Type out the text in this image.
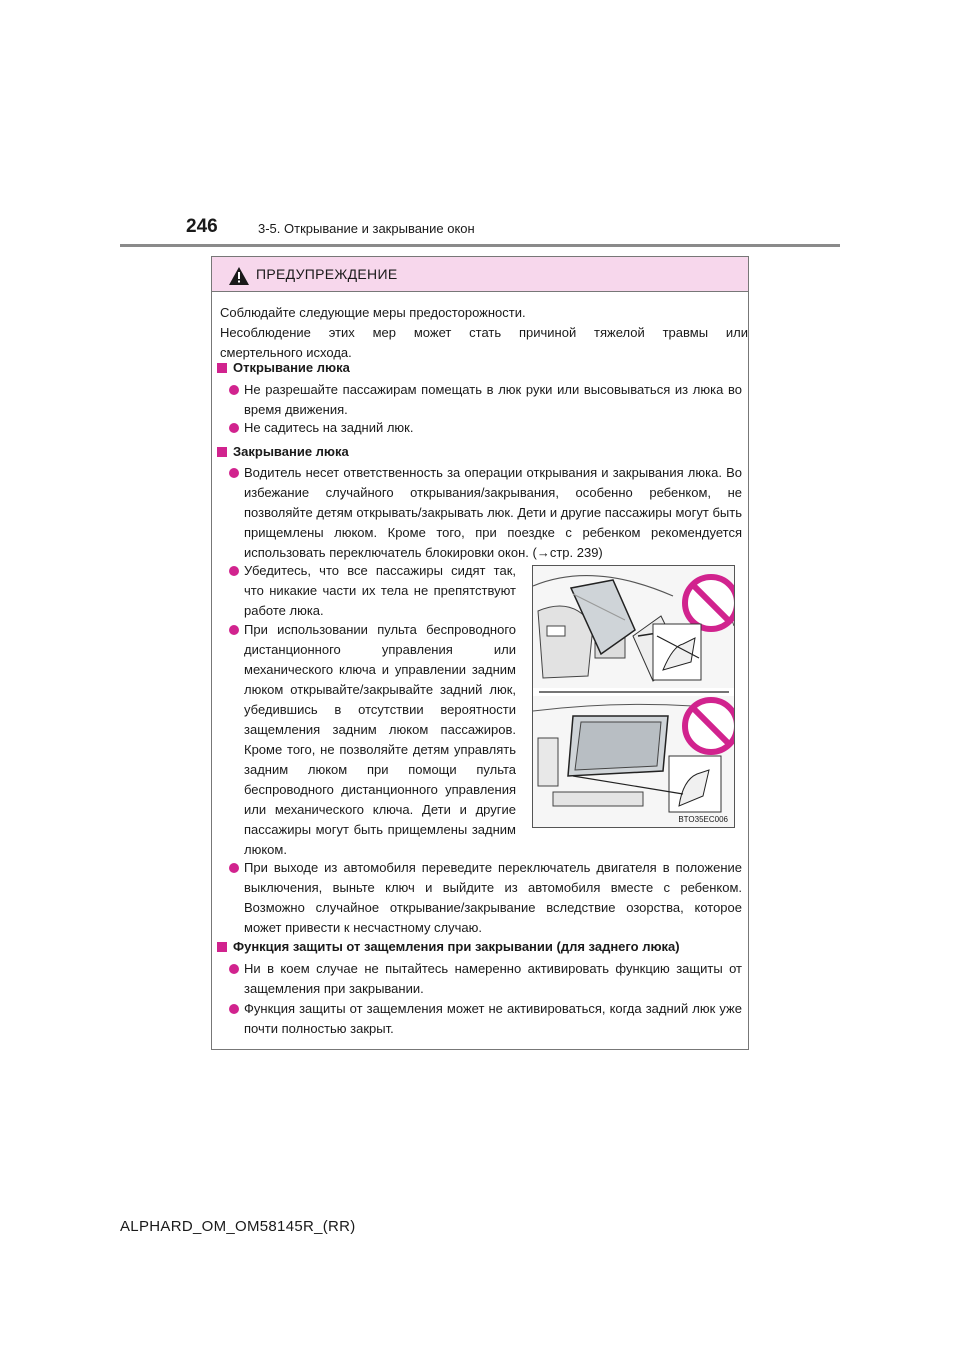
246	3-5. Открывание и закрывание окон
ПРЕДУПРЕЖДЕНИЕ

Соблюдайте следующие меры предосторожности.

Несоблюдение этих мер может стать причиной тяжелой травмы или

смертельного исхода.

Открывание люка
Не разрешайте пассажирам помещать в люк руки или высовываться из люка во время движения.
Не садитесь на задний люк.
Закрывание люка
Водитель несет ответственность за операции открывания и закрывания люка. Во избежание случайного открывания/закрывания, особенно ребенком, не позволяйте детям открывать/закрывать люк. Дети и другие пассажиры могут быть прищемлены люком. Кроме того, при поездке с ребенком рекомендуется использовать переключатель блокировки окон. (→стр. 239)
Убедитесь, что все пассажиры сидят так, что никакие части их тела не препятствуют работе люка.
При использовании пульта беспроводного дистанционного управления или механического ключа и управлении задним люком открывайте/закрывайте задний люк, убедившись в отсутствии вероятности защемления задним люком пассажиров. Кроме того, не позволяйте детям управлять задним люком при помощи пульта беспроводного дистанционного управления или механического ключа. Дети и другие пассажиры могут быть прищемлены задним люком.
BTO35EC006
При выходе из автомобиля переведите переключатель двигателя в положение выключения, выньте ключ и выйдите из автомобиля вместе с ребенком. Возможно случайное открывание/закрывание вследствие озорства, которое может привести к несчастному случаю.
Функция защиты от защемления при закрывании (для заднего люка)
Ни в коем случае не пытайтесь намеренно активировать функцию защиты от защемления при закрывании.
Функция защиты от защемления может не активироваться, когда задний люк уже почти полностью закрыт.
ALPHARD_OM_OM58145R_(RR)
